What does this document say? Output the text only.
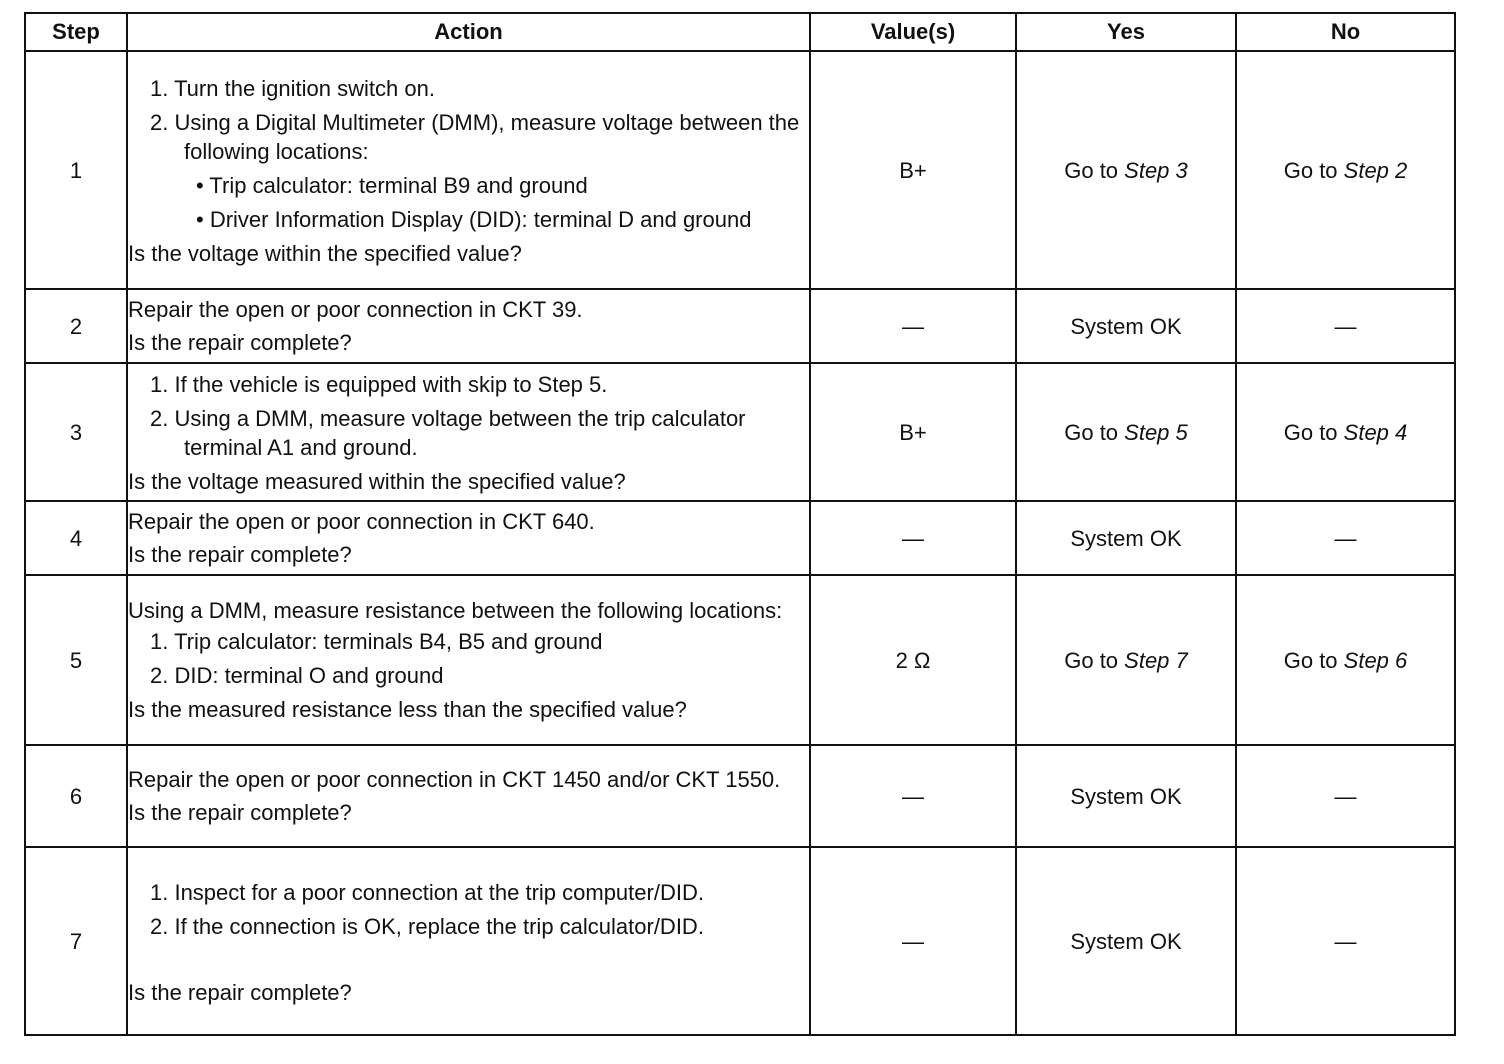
Step	Action	Value(s)	Yes	No
1	1. Turn the ignition switch on.
2. Using a Digital Multimeter (DMM), measure voltage between the following locations:
• Trip calculator: terminal B9 and ground
• Driver Information Display (DID): terminal D and ground
Is the voltage within the specified value?	B+	Go to Step 3	Go to Step 2
2	Repair the open or poor connection in CKT 39.
Is the repair complete?	—	System OK	—
3	1. If the vehicle is equipped with skip to Step 5.
2. Using a DMM, measure voltage between the trip calculator terminal A1 and ground.
Is the voltage measured within the specified value?	B+	Go to Step 5	Go to Step 4
4	Repair the open or poor connection in CKT 640.
Is the repair complete?	—	System OK	—
5	Using a DMM, measure resistance between the following locations:
1. Trip calculator: terminals B4, B5 and ground
2. DID: terminal O and ground
Is the measured resistance less than the specified value?	2 Ω	Go to Step 7	Go to Step 6
6	Repair the open or poor connection in CKT 1450 and/or CKT 1550.
Is the repair complete?	—	System OK	—
7	1. Inspect for a poor connection at the trip computer/DID.
2. If the connection is OK, replace the trip calculator/DID.
Is the repair complete?	—	System OK	—
